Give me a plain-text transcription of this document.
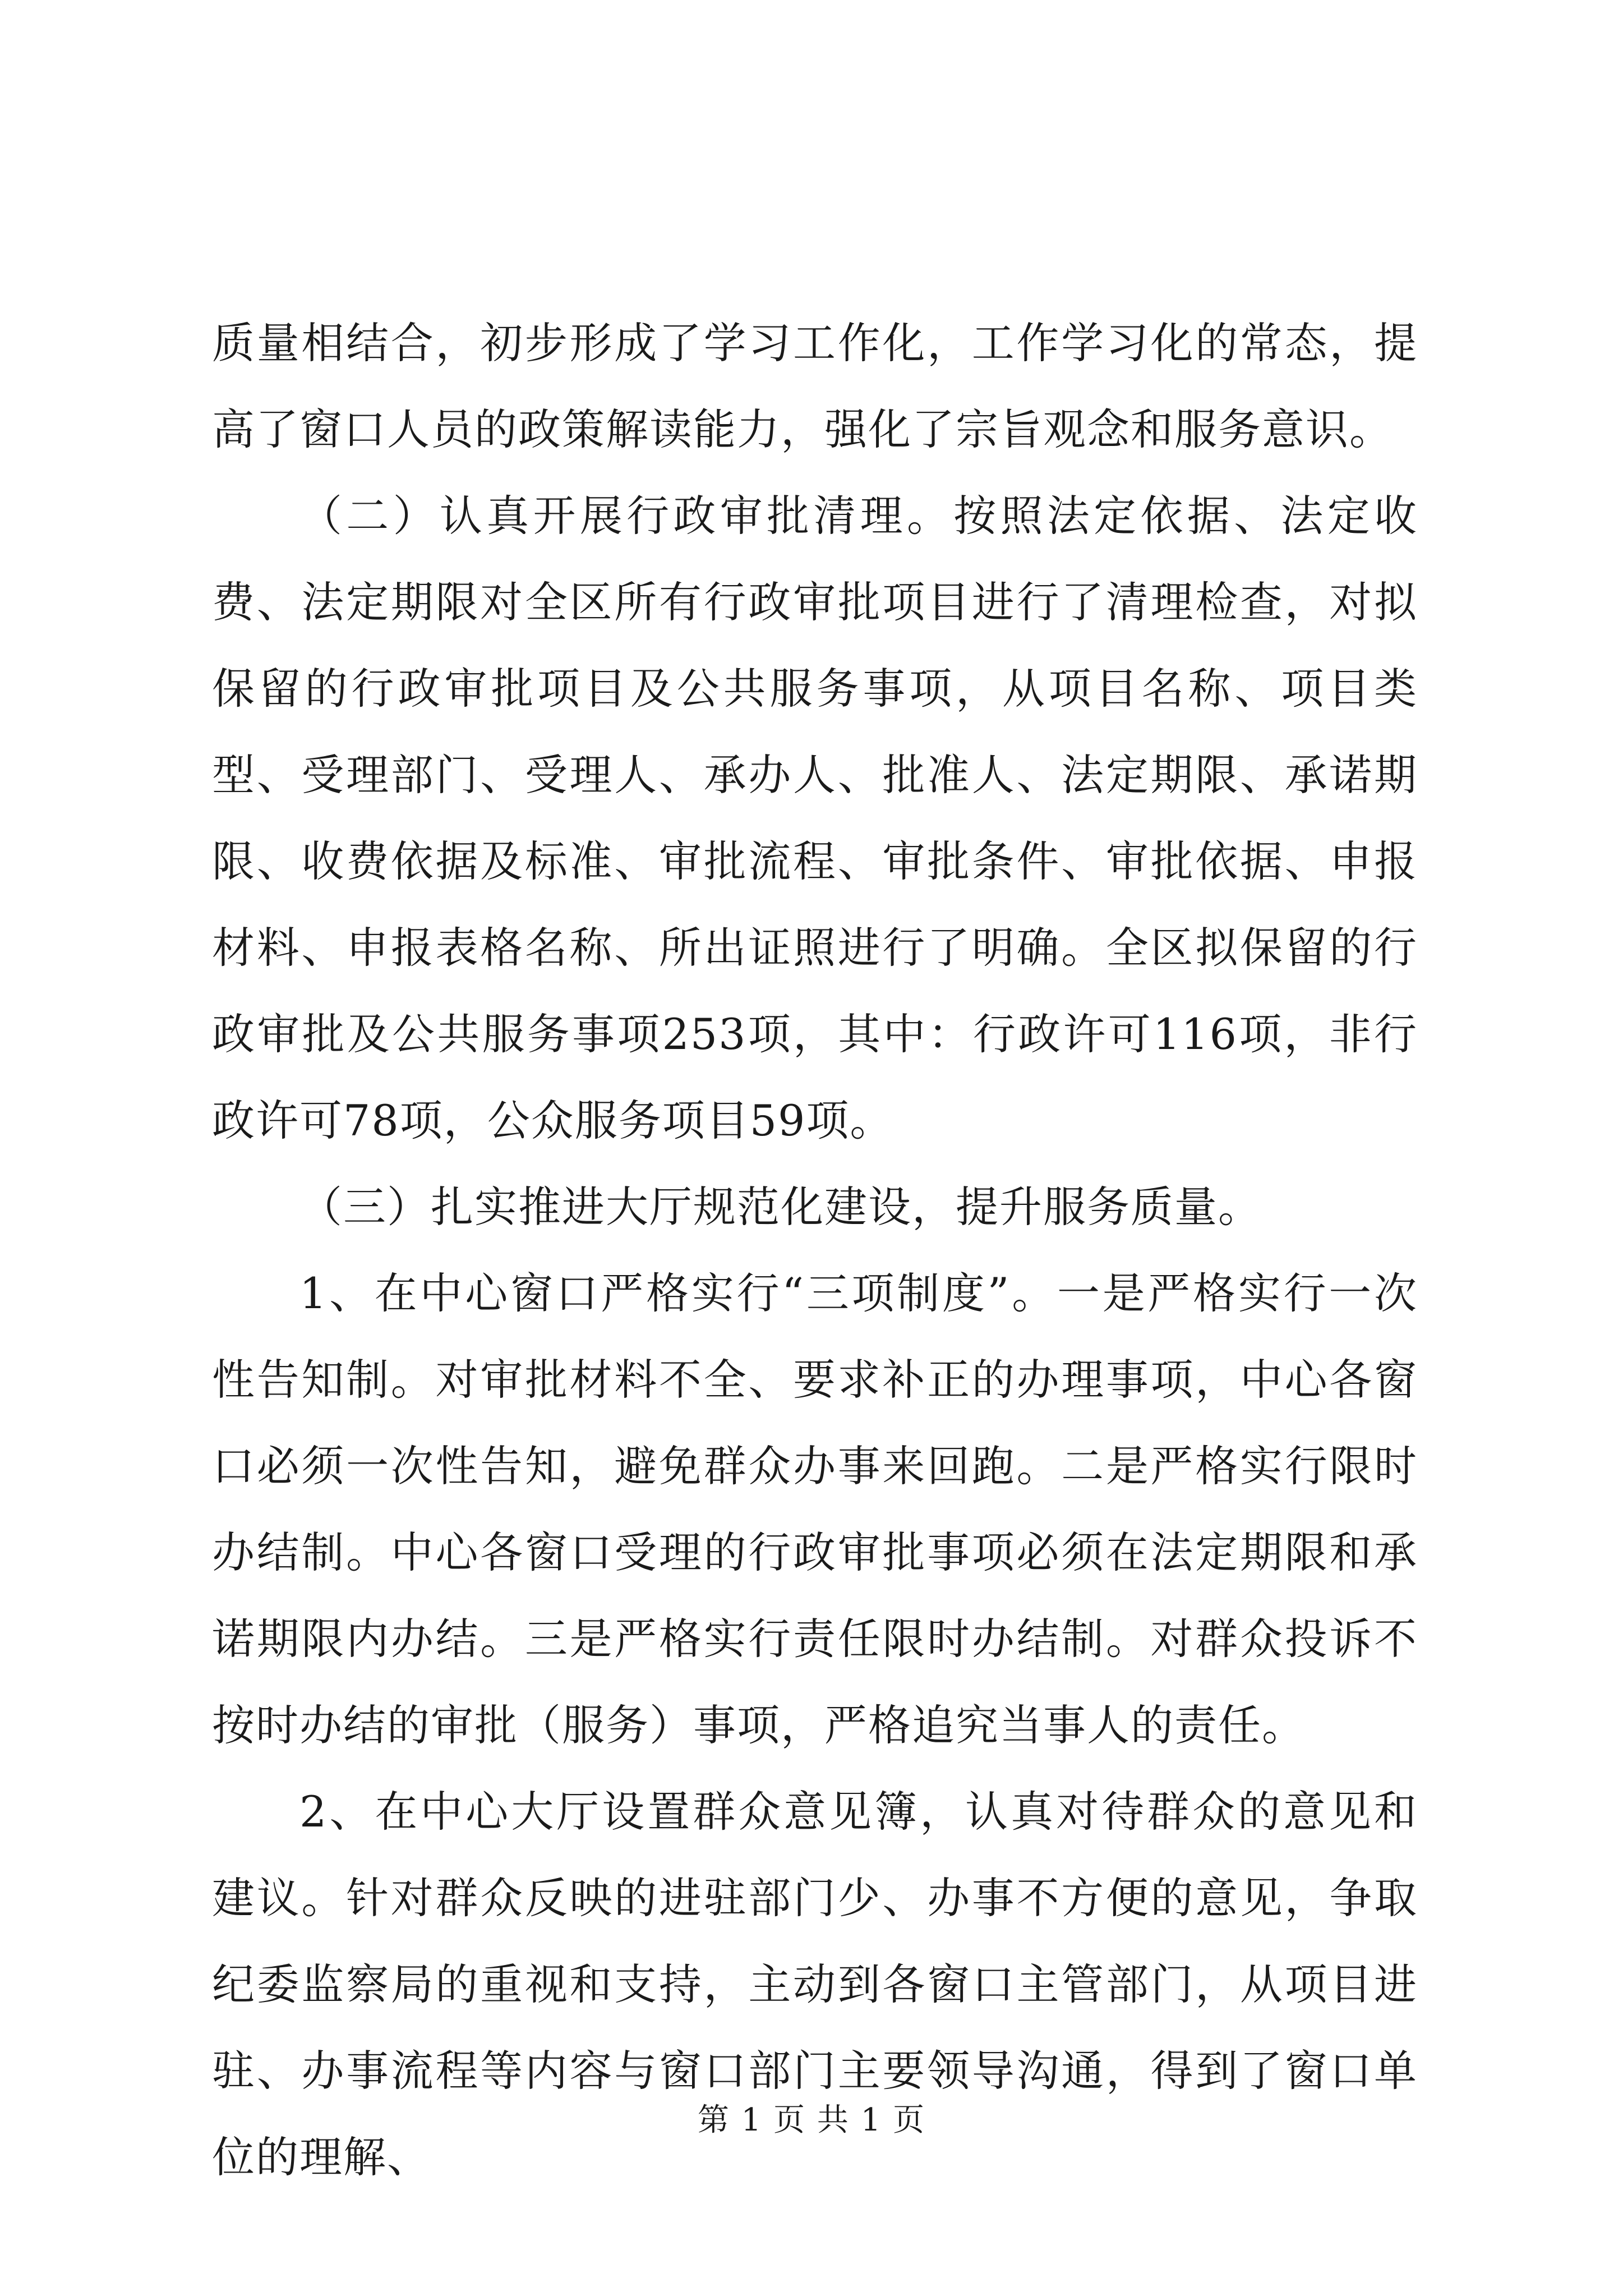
质量相结合，初步形成了学习工作化，工作学习化的常态，提高了窗口人员的政策解读能力，强化了宗旨观念和服务意识。

（二）认真开展行政审批清理。按照法定依据、法定收费、法定期限对全区所有行政审批项目进行了清理检查，对拟保留的行政审批项目及公共服务事项，从项目名称、项目类型、受理部门、受理人、承办人、批准人、法定期限、承诺期限、收费依据及标准、审批流程、审批条件、审批依据、申报材料、申报表格名称、所出证照进行了明确。全区拟保留的行政审批及公共服务事项253项，其中：行政许可116项，非行政许可78项，公众服务项目59项。

（三）扎实推进大厅规范化建设，提升服务质量。

1、在中心窗口严格实行“三项制度”。一是严格实行一次性告知制。对审批材料不全、要求补正的办理事项，中心各窗口必须一次性告知，避免群众办事来回跑。二是严格实行限时办结制。中心各窗口受理的行政审批事项必须在法定期限和承诺期限内办结。三是严格实行责任限时办结制。对群众投诉不按时办结的审批（服务）事项，严格追究当事人的责任。

2、在中心大厅设置群众意见簿，认真对待群众的意见和建议。针对群众反映的进驻部门少、办事不方便的意见，争取纪委监察局的重视和支持，主动到各窗口主管部门，从项目进驻、办事流程等内容与窗口部门主要领导沟通，得到了窗口单位的理解、

第 1 页 共 1 页
